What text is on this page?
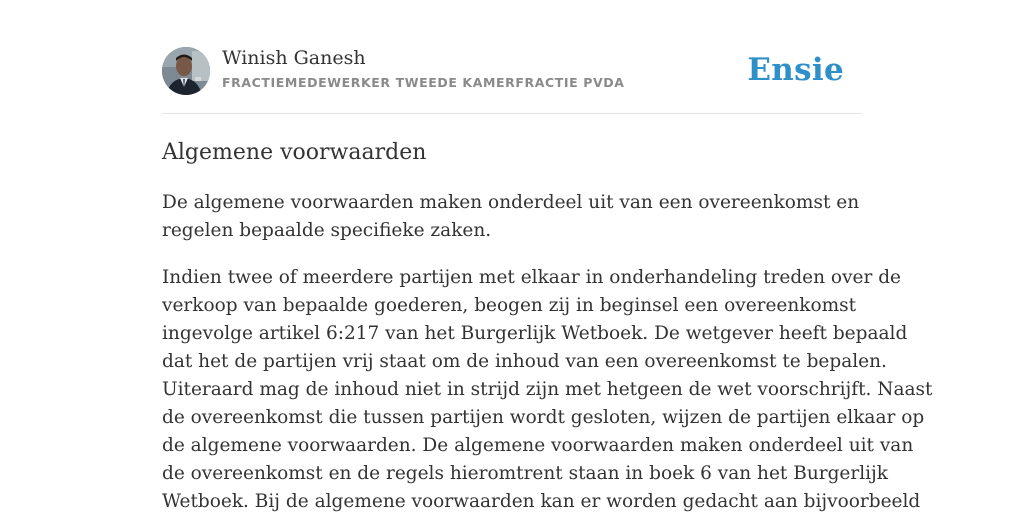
Winish Ganesh
FRACTIEMEDEWERKER TWEEDE KAMERFRACTIE PVDA	Ensie
Algemene voorwaarden

De algemene voorwaarden maken onderdeel uit van een overeenkomst en
regelen bepaalde specifieke zaken.

Indien twee of meerdere partijen met elkaar in onderhandeling treden over de
verkoop van bepaalde goederen, beogen zij in beginsel een overeenkomst
ingevolge artikel 6:217 van het Burgerlijk Wetboek. De wetgever heeft bepaald
dat het de partijen vrij staat om de inhoud van een overeenkomst te bepalen.
Uiteraard mag de inhoud niet in strijd zijn met hetgeen de wet voorschrijft. Naast
de overeenkomst die tussen partijen wordt gesloten, wijzen de partijen elkaar op
de algemene voorwaarden. De algemene voorwaarden maken onderdeel uit van
de overeenkomst en de regels hieromtrent staan in boek 6 van het Burgerlijk
Wetboek. Bij de algemene voorwaarden kan er worden gedacht aan bijvoorbeeld
